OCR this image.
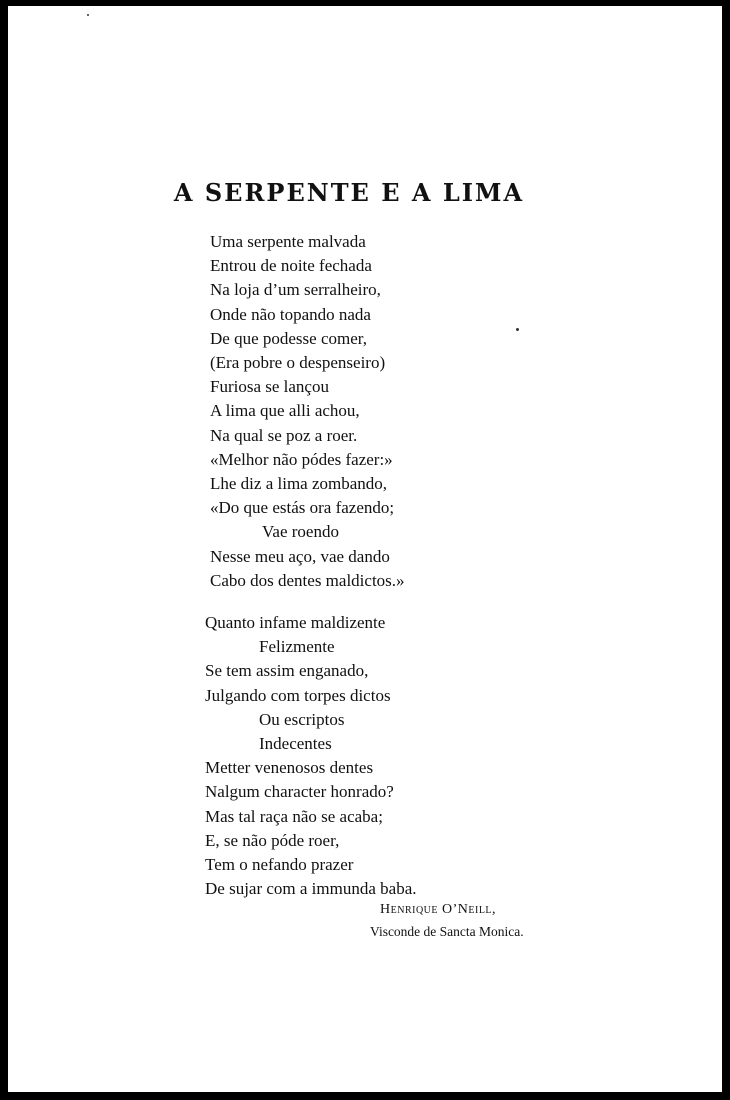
A SERPENTE E A LIMA
Uma serpente malvada
Entrou de noite fechada
Na loja d’um serralheiro,
Onde não topando nada
De que podesse comer,
(Era pobre o despenseiro)
Furiosa se lançou
A lima que alli achou,
Na qual se poz a roer.
«Melhor não pódes fazer:»
Lhe diz a lima zombando,
«Do que estás ora fazendo;
Vae roendo
Nesse meu aço, vae dando
Cabo dos dentes maldictos.»
Quanto infame maldizente
Felizmente
Se tem assim enganado,
Julgando com torpes dictos
Ou escriptos
Indecentes
Metter venenosos dentes
Nalgum character honrado?
Mas tal raça não se acaba;
E, se não póde roer,
Tem o nefando prazer
De sujar com a immunda baba.
Henrique O’Neill,
Visconde de Sancta Monica.
